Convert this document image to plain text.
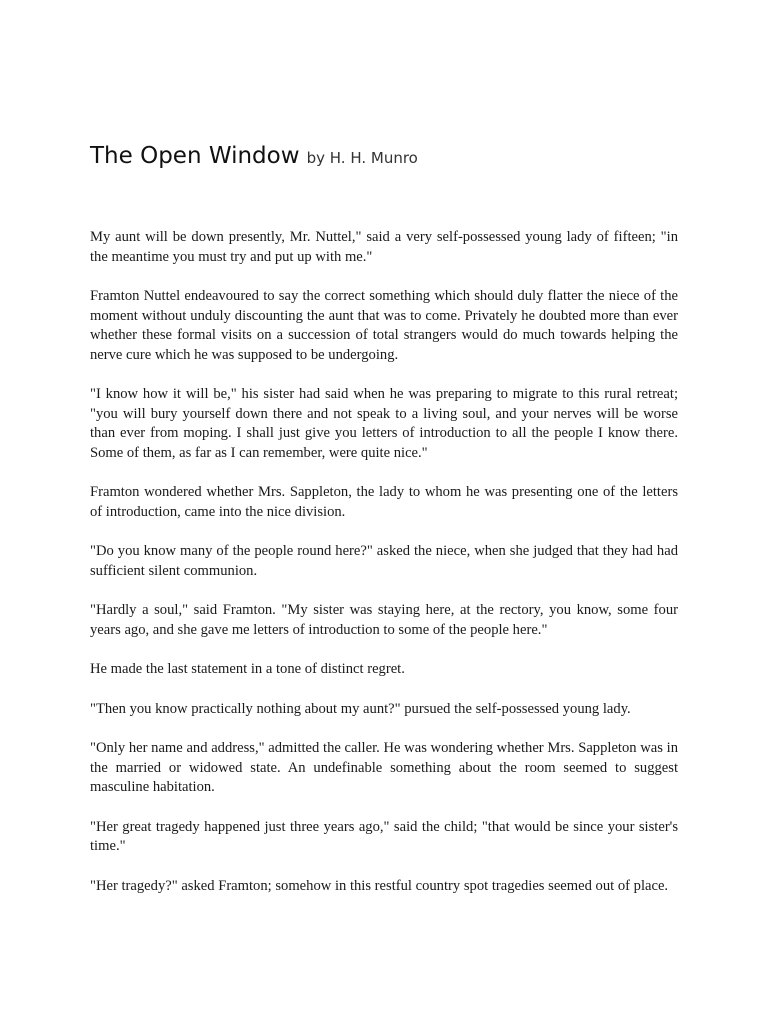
The Open Window by H. H. Munro

My aunt will be down presently, Mr. Nuttel," said a very self-possessed young lady of fifteen; "in the meantime you must try and put up with me."

Framton Nuttel endeavoured to say the correct something which should duly flatter the niece of the moment without unduly discounting the aunt that was to come. Privately he doubted more than ever whether these formal visits on a succession of total strangers would do much towards helping the nerve cure which he was supposed to be undergoing.

"I know how it will be," his sister had said when he was preparing to migrate to this rural retreat; "you will bury yourself down there and not speak to a living soul, and your nerves will be worse than ever from moping. I shall just give you letters of introduction to all the people I know there. Some of them, as far as I can remember, were quite nice."

Framton wondered whether Mrs. Sappleton, the lady to whom he was presenting one of the letters of introduction, came into the nice division.

"Do you know many of the people round here?" asked the niece, when she judged that they had had sufficient silent communion.

"Hardly a soul," said Framton. "My sister was staying here, at the rectory, you know, some four years ago, and she gave me letters of introduction to some of the people here."

He made the last statement in a tone of distinct regret.

"Then you know practically nothing about my aunt?" pursued the self-possessed young lady.

"Only her name and address," admitted the caller. He was wondering whether Mrs. Sappleton was in the married or widowed state. An undefinable something about the room seemed to suggest masculine habitation.

"Her great tragedy happened just three years ago," said the child; "that would be since your sister's time."

"Her tragedy?" asked Framton; somehow in this restful country spot tragedies seemed out of place.
